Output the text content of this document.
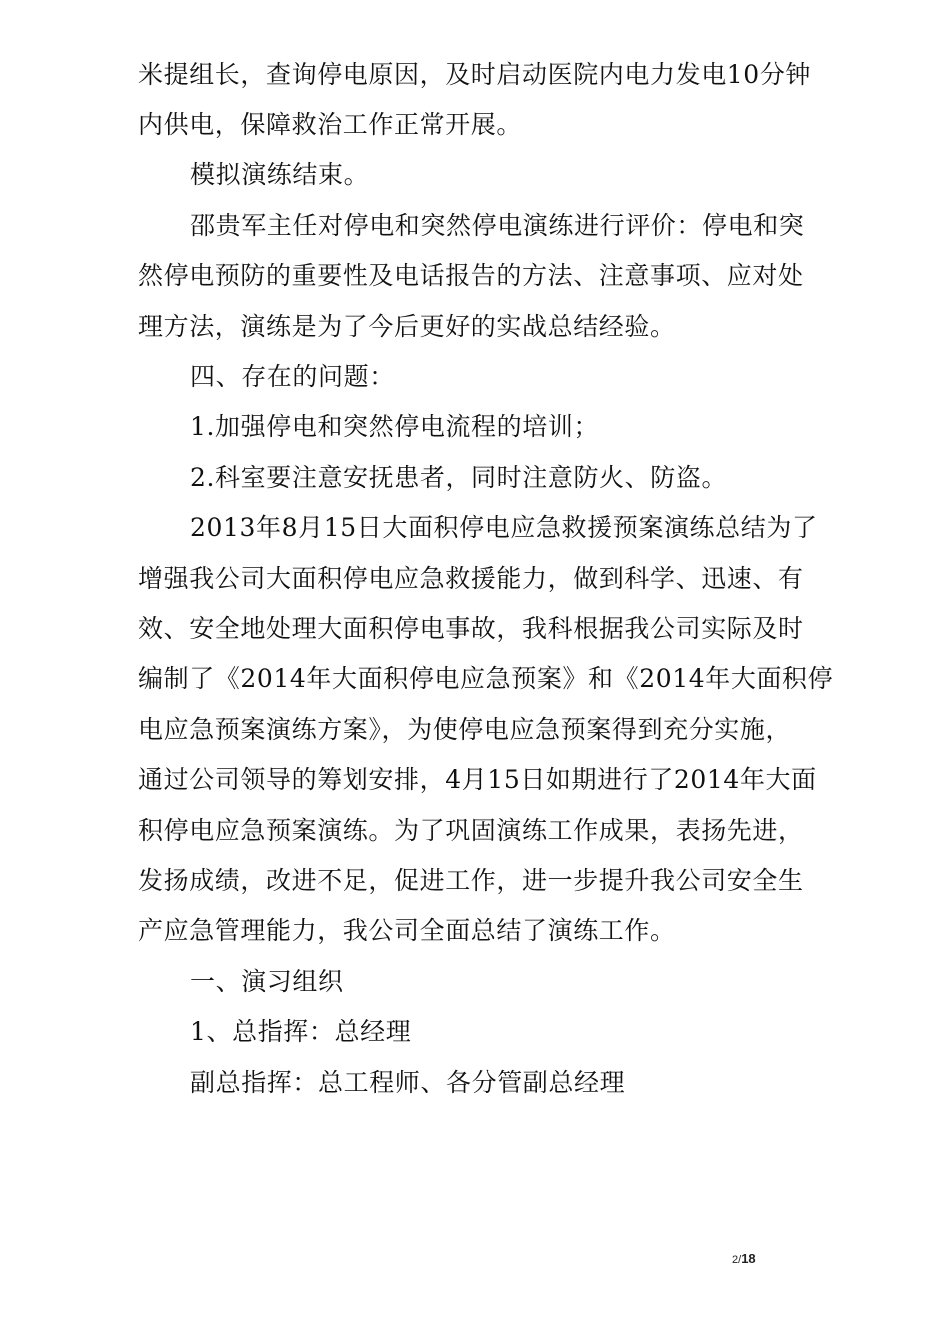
米提组长，查询停电原因，及时启动医院内电力发电10分钟
内供电，保障救治工作正常开展。
模拟演练结束。
邵贵军主任对停电和突然停电演练进行评价：停电和突
然停电预防的重要性及电话报告的方法、注意事项、应对处
理方法，演练是为了今后更好的实战总结经验。
四、存在的问题：
1.加强停电和突然停电流程的培训；
2.科室要注意安抚患者，同时注意防火、防盗。
2013年8月15日大面积停电应急救援预案演练总结为了
增强我公司大面积停电应急救援能力，做到科学、迅速、有
效、安全地处理大面积停电事故，我科根据我公司实际及时
编制了《2014年大面积停电应急预案》和《2014年大面积停
电应急预案演练方案》，为使停电应急预案得到充分实施，
通过公司领导的筹划安排，4月15日如期进行了2014年大面
积停电应急预案演练。为了巩固演练工作成果，表扬先进，
发扬成绩，改进不足，促进工作，进一步提升我公司安全生
产应急管理能力，我公司全面总结了演练工作。
一、演习组织
1、总指挥：总经理
副总指挥：总工程师、各分管副总经理
2/18
